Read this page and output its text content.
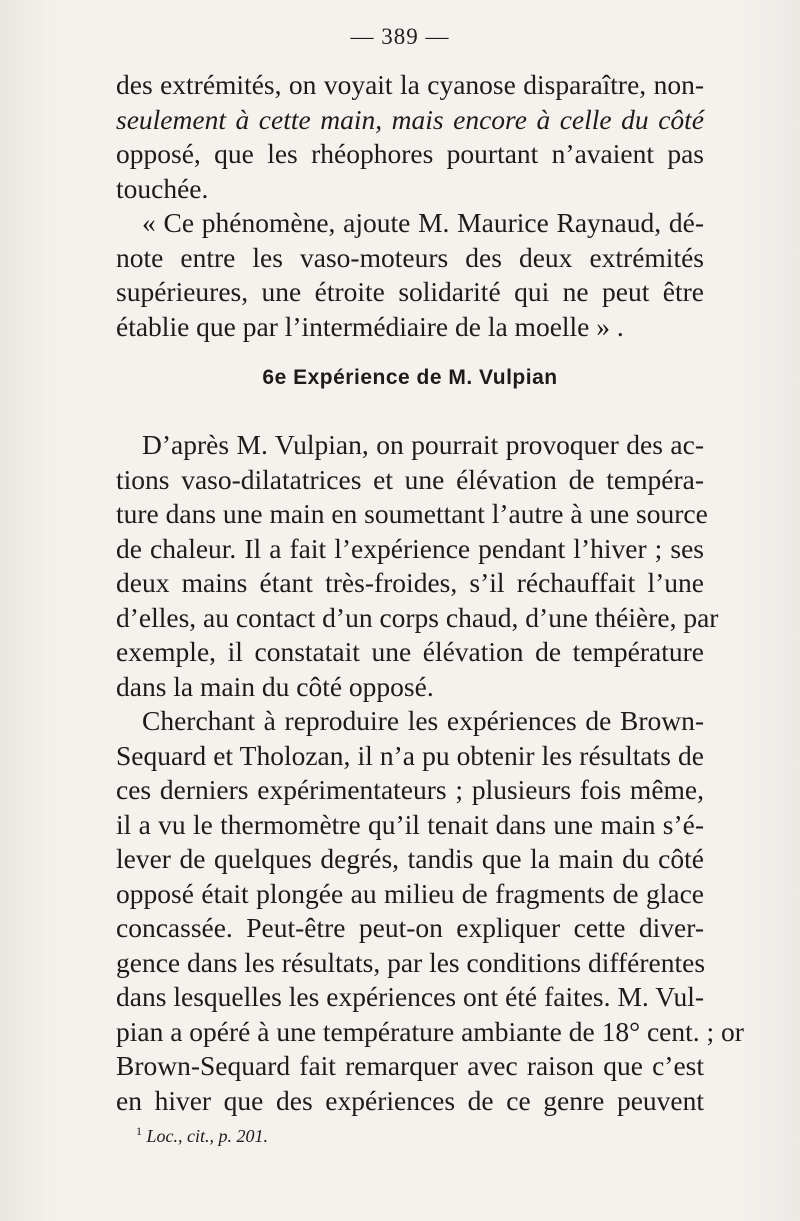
— 389 —
des extrémités, on voyait la cyanose disparaître, non-
seulement à cette main, mais encore à celle du côté
opposé, que les rhéophores pourtant n’avaient pas
touchée.
« Ce phénomène, ajoute M. Maurice Raynaud, dé-
note entre les vaso-moteurs des deux extrémités
supérieures, une étroite solidarité qui ne peut être
établie que par l’intermédiaire de la moelle » .
6e Expérience de M. Vulpian
D’après M. Vulpian, on pourrait provoquer des ac-
tions vaso-dilatatrices et une élévation de tempéra-
ture dans une main en soumettant l’autre à une source
de chaleur. Il a fait l’expérience pendant l’hiver ; ses
deux mains étant très-froides, s’il réchauffait l’une
d’elles, au contact d’un corps chaud, d’une théière, par
exemple, il constatait une élévation de température
dans la main du côté opposé.
Cherchant à reproduire les expériences de Brown-
Sequard et Tholozan, il n’a pu obtenir les résultats de
ces derniers expérimentateurs ; plusieurs fois même,
il a vu le thermomètre qu’il tenait dans une main s’é-
lever de quelques degrés, tandis que la main du côté
opposé était plongée au milieu de fragments de glace
concassée. Peut-être peut-on expliquer cette diver-
gence dans les résultats, par les conditions différentes
dans lesquelles les expériences ont été faites. M. Vul-
pian a opéré à une température ambiante de 18° cent. ; or
Brown-Sequard fait remarquer avec raison que c’est
en hiver que des expériences de ce genre peuvent
$^1$ Loc., cit., p. 201.
